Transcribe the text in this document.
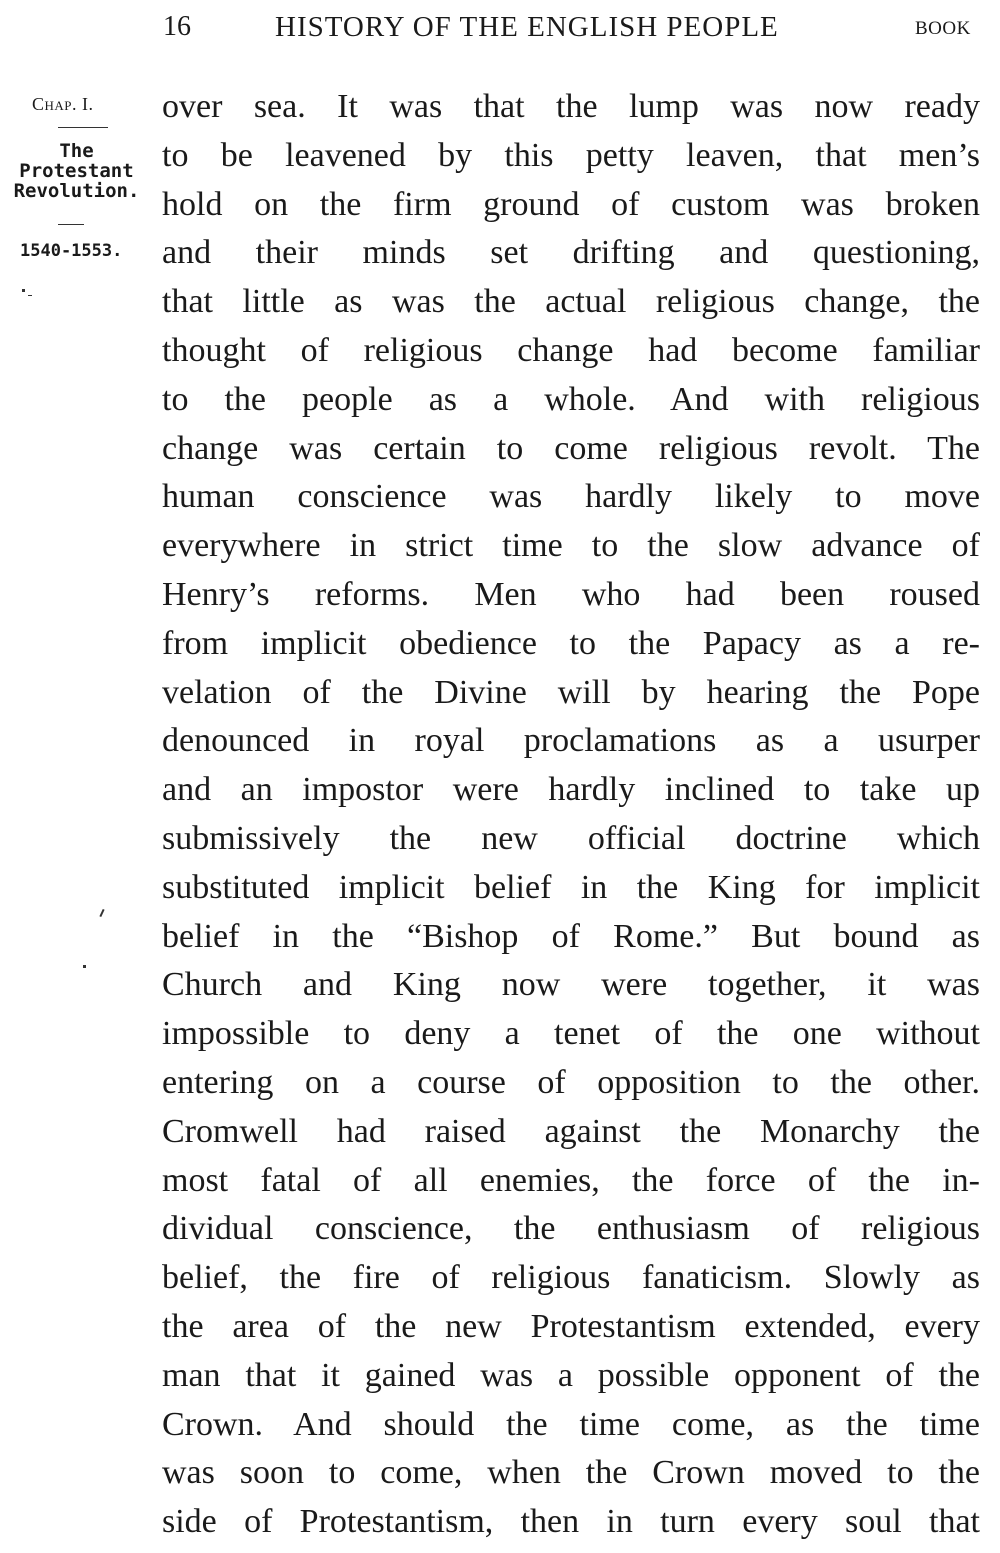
16	HISTORY OF THE ENGLISH PEOPLE	BOOK
Chap. I.
The
Protestant
Revolution.
1540-1553.
over sea. It was that the lump was now ready
to be leavened by this petty leaven, that men’s
hold on the firm ground of custom was broken
and their minds set drifting and questioning,
that little as was the actual religious change, the
thought of religious change had become familiar
to the people as a whole. And with religious
change was certain to come religious revolt. The
human conscience was hardly likely to move
everywhere in strict time to the slow advance of
Henry’s reforms. Men who had been roused
from implicit obedience to the Papacy as a re-
velation of the Divine will by hearing the Pope
denounced in royal proclamations as a usurper
and an impostor were hardly inclined to take up
submissively the new official doctrine which
substituted implicit belief in the King for implicit
belief in the “Bishop of Rome.” But bound as
Church and King now were together, it was
impossible to deny a tenet of the one without
entering on a course of opposition to the other.
Cromwell had raised against the Monarchy the
most fatal of all enemies, the force of the in-
dividual conscience, the enthusiasm of religious
belief, the fire of religious fanaticism. Slowly as
the area of the new Protestantism extended, every
man that it gained was a possible opponent of the
Crown. And should the time come, as the time
was soon to come, when the Crown moved to the
side of Protestantism, then in turn every soul that
